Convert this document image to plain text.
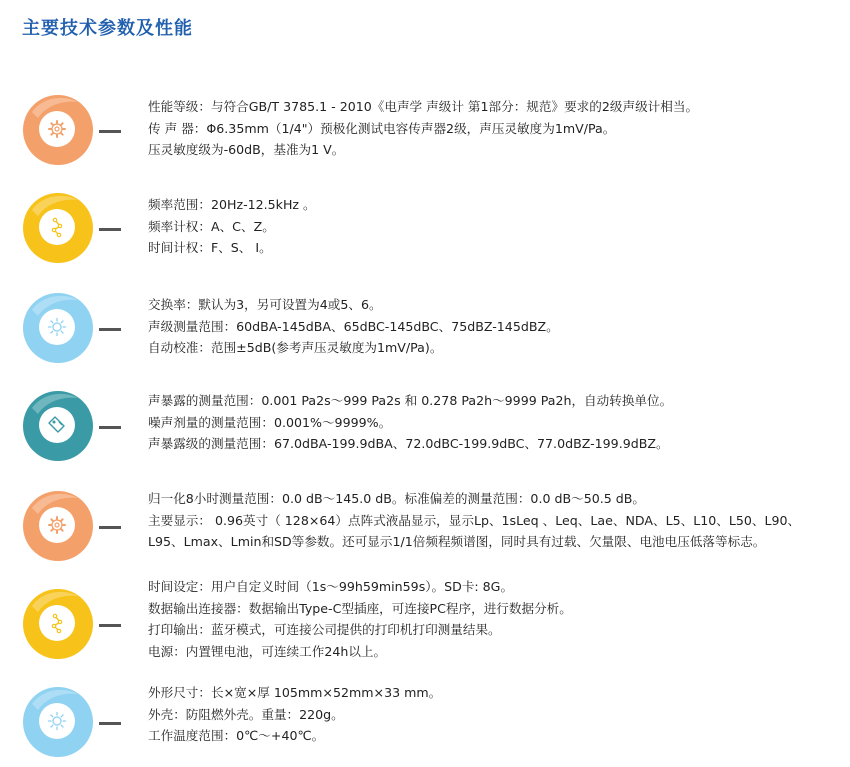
主要技术参数及性能
性能等级：与符合GB/T 3785.1 - 2010《电声学 声级计 第1部分：规范》要求的2级声级计相当。
传 声 器：Φ6.35mm（1/4"）预极化测试电容传声器2级，声压灵敏度为1mV/Pa。
压灵敏度级为-60dB，基准为1 V。
频率范围：20Hz-12.5kHz 。
频率计权：A、C、Z。
时间计权：F、S、 I。
交换率：默认为3，另可设置为4或5、6。
声级测量范围：60dBA-145dBA、65dBC-145dBC、75dBZ-145dBZ。
自动校准：范围±5dB(参考声压灵敏度为1mV/Pa)。
声暴露的测量范围：0.001 Pa2s～999 Pa2s 和 0.278 Pa2h～9999 Pa2h，自动转换单位。
噪声剂量的测量范围：0.001%～9999%。
声暴露级的测量范围：67.0dBA-199.9dBA、72.0dBC-199.9dBC、77.0dBZ-199.9dBZ。
归一化8小时测量范围：0.0 dB～145.0 dB。标准偏差的测量范围：0.0 dB～50.5 dB。
主要显示： 0.96英寸（ 128×64）点阵式液晶显示，显示Lp、1sLeq 、Leq、Lae、NDA、L5、L10、L50、L90、
L95、Lmax、Lmin和SD等参数。还可显示1/1倍频程频谱图，同时具有过载、欠量限、电池电压低落等标志。
时间设定：用户自定义时间（1s～99h59min59s）。SD卡: 8G。
数据输出连接器：数据输出Type-C型插座，可连接PC程序，进行数据分析。
打印输出：蓝牙模式，可连接公司提供的打印机打印测量结果。
电源：内置锂电池，可连续工作24h以上。
外形尺寸：长×宽×厚 105mm×52mm×33 mm。
外壳：防阻燃外壳。重量：220g。
工作温度范围：0℃～+40℃。
